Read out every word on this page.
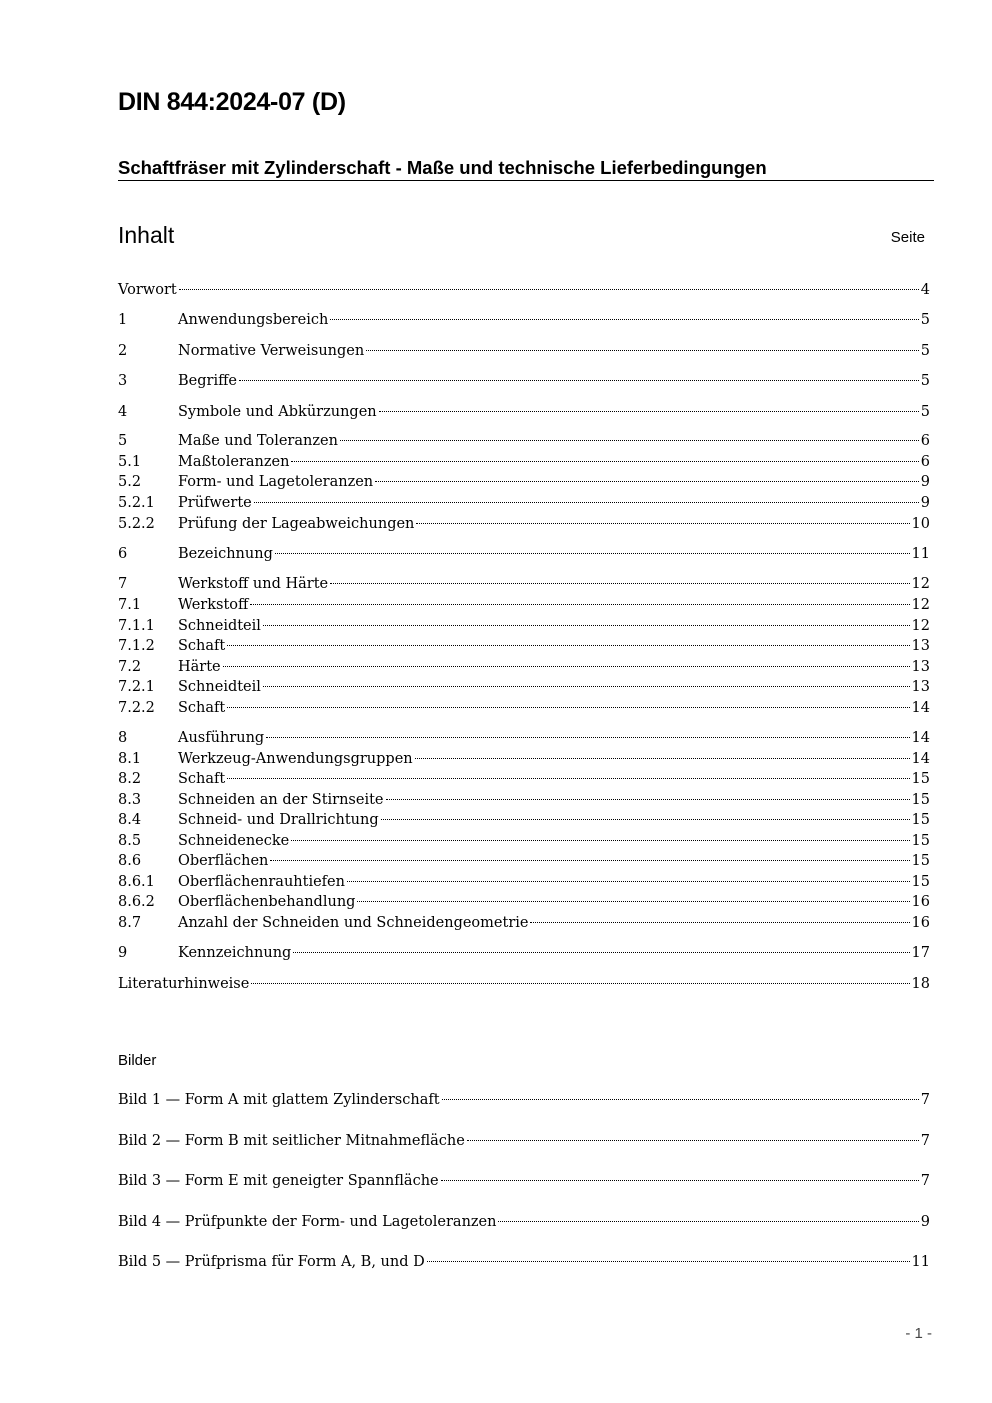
DIN 844:2024-07 (D)
Schaftfräser mit Zylinderschaft - Maße und technische Lieferbedingungen
Inhalt	Seite
Vorwort	4
1	Anwendungsbereich	5
2	Normative Verweisungen	5
3	Begriffe	5
4	Symbole und Abkürzungen	5
5	Maße und Toleranzen	6
5.1	Maßtoleranzen	6
5.2	Form- und Lagetoleranzen	9
5.2.1	Prüfwerte	9
5.2.2	Prüfung der Lageabweichungen	10
6	Bezeichnung	11
7	Werkstoff und Härte	12
7.1	Werkstoff	12
7.1.1	Schneidteil	12
7.1.2	Schaft	13
7.2	Härte	13
7.2.1	Schneidteil	13
7.2.2	Schaft	14
8	Ausführung	14
8.1	Werkzeug-Anwendungsgruppen	14
8.2	Schaft	15
8.3	Schneiden an der Stirnseite	15
8.4	Schneid- und Drallrichtung	15
8.5	Schneidenecke	15
8.6	Oberflächen	15
8.6.1	Oberflächenrauhtiefen	15
8.6.2	Oberflächenbehandlung	16
8.7	Anzahl der Schneiden und Schneidengeometrie	16
9	Kennzeichnung	17
Literaturhinweise	18
Bilder
Bild 1 — Form A mit glattem Zylinderschaft	7
Bild 2 — Form B mit seitlicher Mitnahmefläche	7
Bild 3 — Form E mit geneigter Spannfläche	7
Bild 4 — Prüfpunkte der Form- und Lagetoleranzen	9
Bild 5 — Prüfprisma für Form A, B, und D	11
- 1 -
